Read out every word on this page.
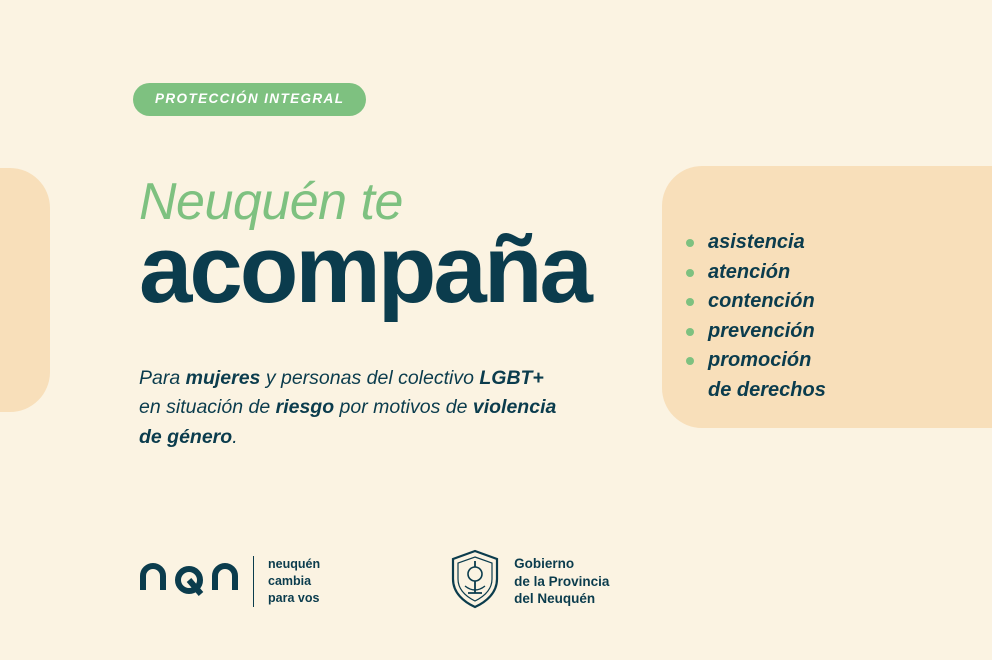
PROTECCIÓN INTEGRAL
Neuquén te
acompaña

Para mujeres y personas del colectivo LGBT+ en situación de riesgo por motivos de violencia de género.

asistencia
atención
contención
prevención
promoción
de derechos
neuquén
cambia
para vos
Gobierno
de la Provincia
del Neuquén
